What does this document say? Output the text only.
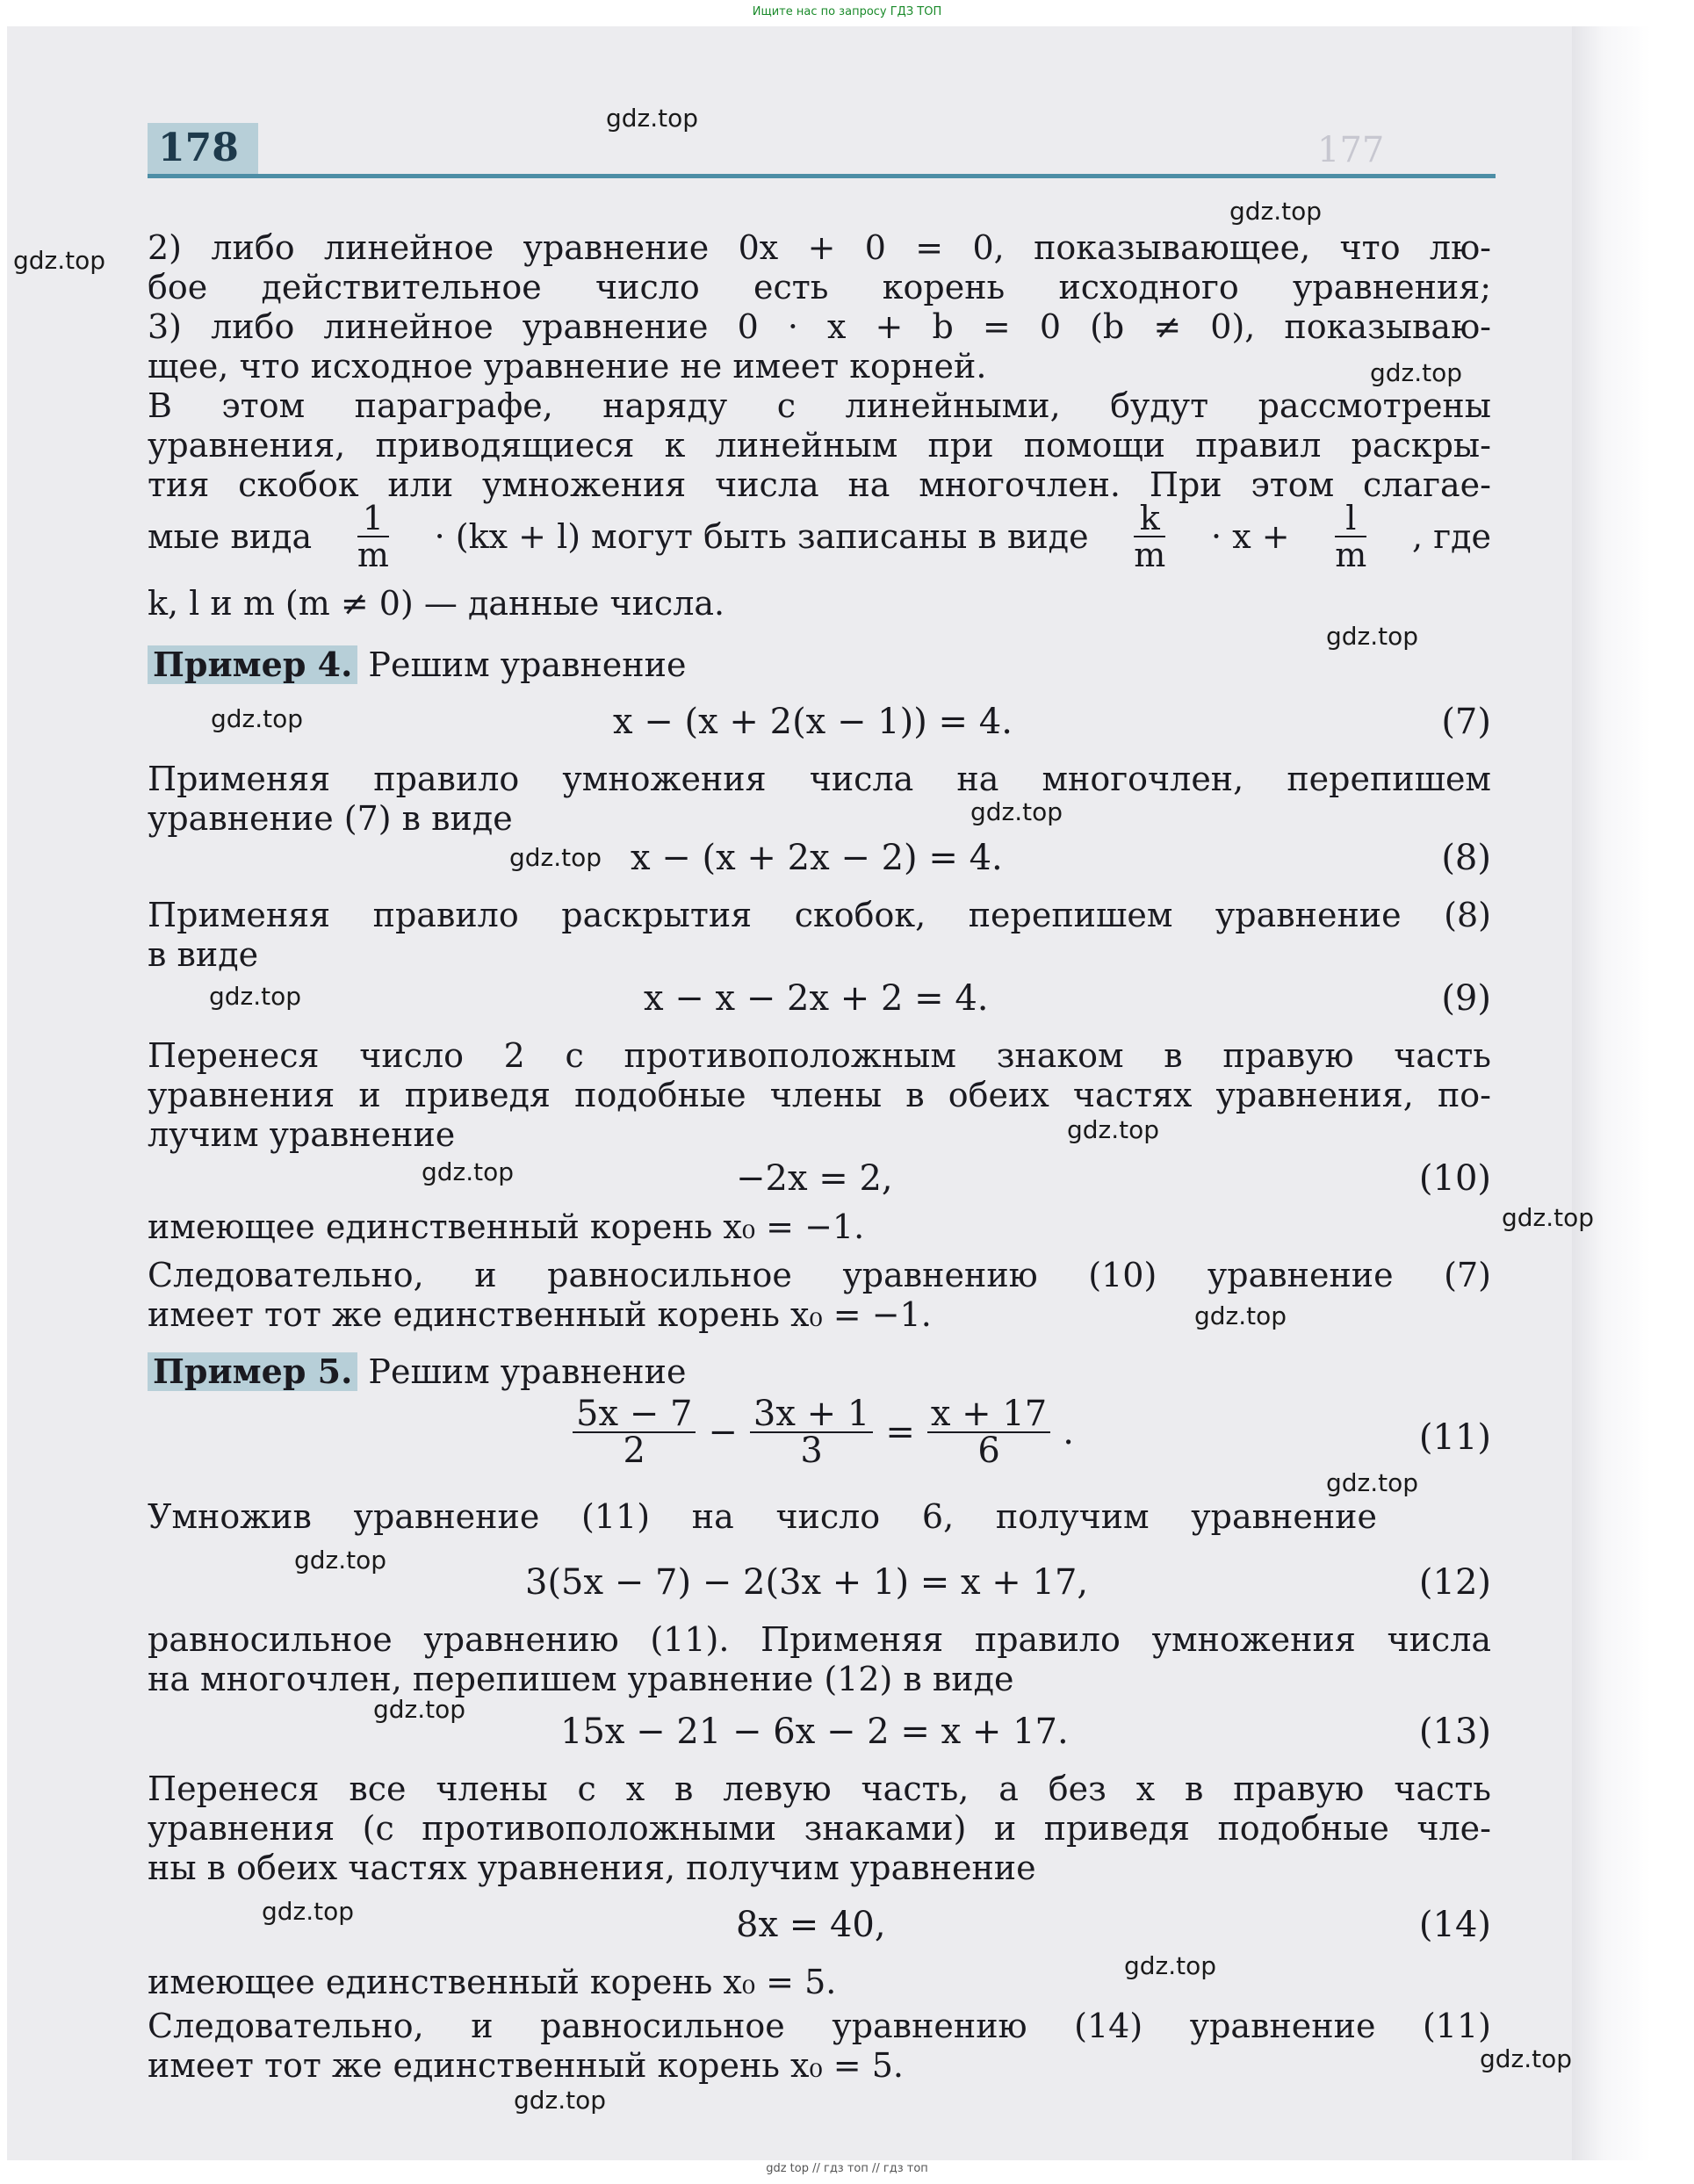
Ищите нас по запросу ГДЗ ТОП
177
178
2) либо линейное уравнение 0x + 0 = 0, показывающее, что лю-
бое действительное число есть корень исходного уравнения;
3) либо линейное уравнение 0 · x + b = 0 (b ≠ 0), показываю-
щее, что исходное уравнение не имеет корней.
В этом параграфе, наряду с линейными, будут рассмотрены
уравнения, приводящиеся к линейным при помощи правил раскры-
тия скобок или умножения числа на многочлен. При этом слагае-
мые вида $\frac{1}{m} \cdot (kx + l)$ могут быть записаны в виде $\frac{k}{m} \cdot x + \frac{l}{m}$ , где
k, l и m (m ≠ 0) — данные числа.
Пример 4. Решим уравнение
x − (x + 2(x − 1)) = 4.	(7)
Применяя правило умножения числа на многочлен, перепишем
уравнение (7) в виде
x − (x + 2x − 2) = 4.	(8)
Применяя правило раскрытия скобок, перепишем уравнение (8)
в виде
x − x − 2x + 2 = 4.	(9)
Перенеся число 2 с противоположным знаком в правую часть
уравнения и приведя подобные члены в обеих частях уравнения, по-
лучим уравнение
−2x = 2,	(10)
имеющее единственный корень x₀ = −1.
Следовательно, и равносильное уравнению (10) уравнение (7)
имеет тот же единственный корень x₀ = −1.
Пример 5. Решим уравнение
$\frac{5x - 7}{2} - \frac{3x + 1}{3} = \frac{x + 17}{6}$ .	(11)
Умножив уравнение (11) на число 6, получим уравнение
3(5x − 7) − 2(3x + 1) = x + 17,	(12)
равносильное уравнению (11). Применяя правило умножения числа
на многочлен, перепишем уравнение (12) в виде
15x − 21 − 6x − 2 = x + 17.	(13)
Перенеся все члены с x в левую часть, а без x в правую часть
уравнения (с противоположными знаками) и приведя подобные чле-
ны в обеих частях уравнения, получим уравнение
8x = 40,	(14)
имеющее единственный корень x₀ = 5.
Следовательно, и равносильное уравнению (14) уравнение (11)
имеет тот же единственный корень x₀ = 5.
gdz.top
gdz.top
gdz.top
gdz.top
gdz.top
gdz.top
gdz.top
gdz.top
gdz.top
gdz.top
gdz.top
gdz.top
gdz.top
gdz.top
gdz.top
gdz.top
gdz.top
gdz.top
gdz.top
gdz.top
gdz top // гдз топ // гдз топ
